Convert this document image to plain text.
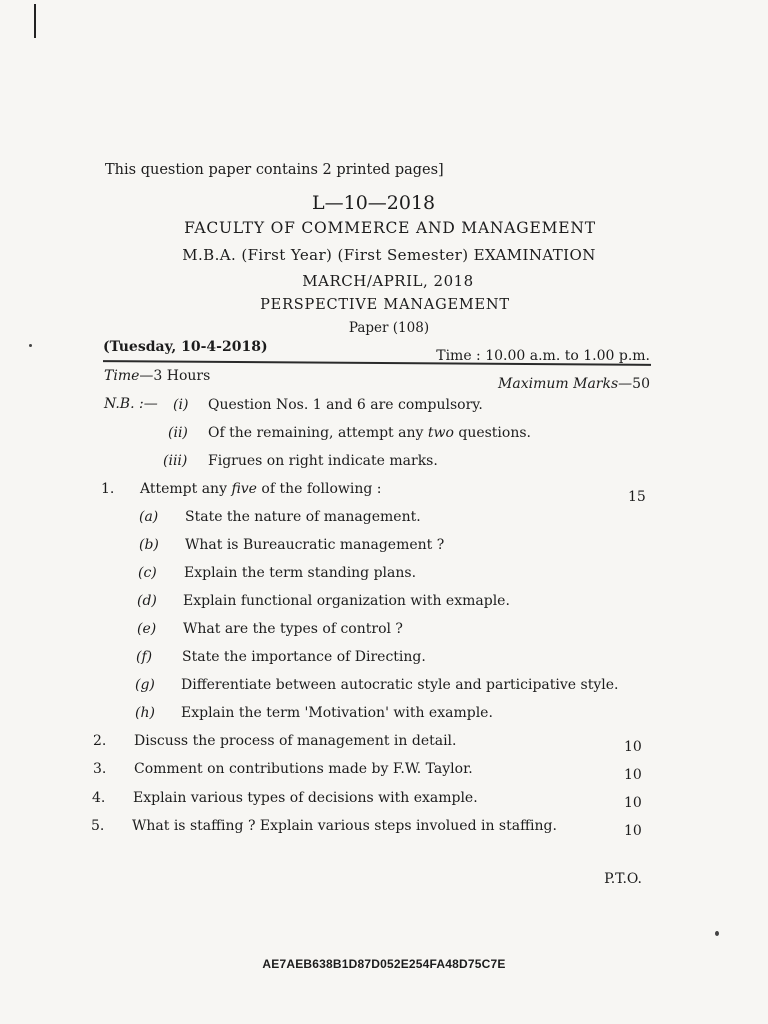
This question paper contains 2 printed pages]
L—10—2018
FACULTY OF COMMERCE AND MANAGEMENT
M.B.A. (First Year) (First Semester) EXAMINATION
MARCH/APRIL, 2018
PERSPECTIVE MANAGEMENT
Paper (108)
(Tuesday, 10-4-2018)
Time : 10.00 a.m. to 1.00 p.m.
Time—3 Hours	Maximum Marks—50
N.B. :— (i)	Question Nos. 1 and 6 are compulsory.
(ii)	Of the remaining, attempt any two questions.
(iii)	Figrues on right indicate marks.
1.	Attempt any five of the following :	15
(a)	State the nature of management.
(b)	What is Bureaucratic management ?
(c)	Explain the term standing plans.
(d)	Explain functional organization with exmaple.
(e)	What are the types of control ?
(f)	State the importance of Directing.
(g)	Differentiate between autocratic style and participative style.
(h)	Explain the term 'Motivation' with example.
2.	Discuss the process of management in detail.	10
3.	Comment on contributions made by F.W. Taylor.	10
4.	Explain various types of decisions with example.	10
5.	What is staffing ? Explain various steps involued in staffing.	10
P.T.O.
AE7AEB638B1D87D052E254FA48D75C7E
